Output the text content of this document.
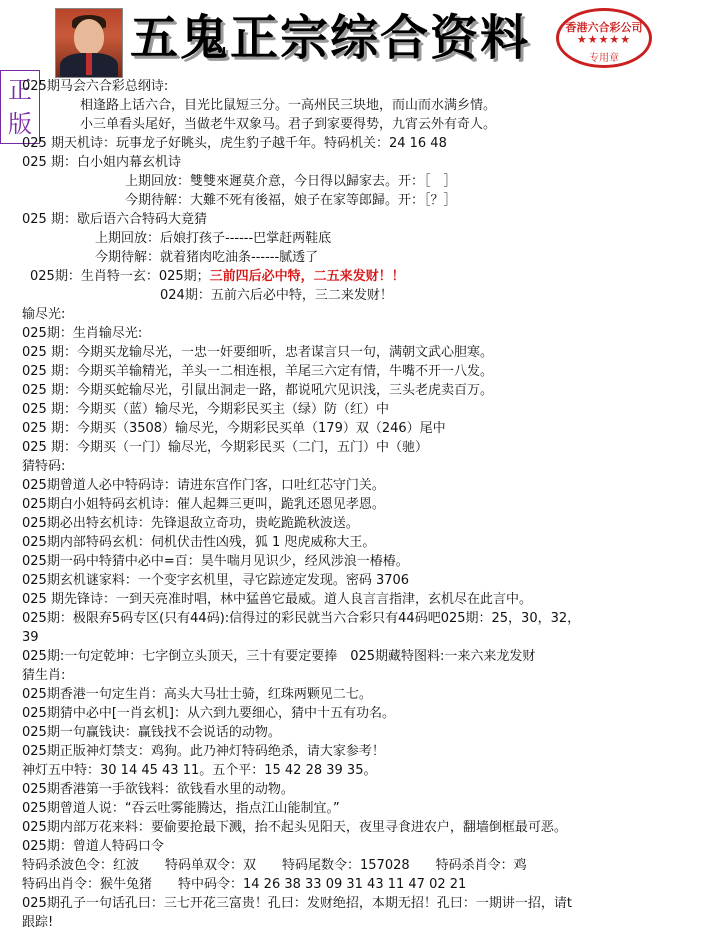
五鬼正宗综合资料	香港六合彩公司
★★★★★
专用章
正
版
025期马会六合彩总纲诗:
相逢路上话六合，目光比鼠短三分。一高州民三块地，而山而水满乡情。
小三单看头尾好，当做老牛双象马。君子到家要得势，九宵云外有奇人。
025 期天机诗：玩事龙子好眺头，虎生豹子越千年。特码机关：24 16 48
025 期：白小姐内幕玄机诗
上期回放：雙雙來遲莫介意，今日得以歸家去。开：［　］
今期待解：大難不死有後福，娘子在家等郎歸。开：［？］
025 期：歇后语六合特码大竟猜
上期回放：后娘打孩子------巴掌赶两鞋底
今期待解：就着猪肉吃油条------腻透了
025期：生肖特一玄：025期；三前四后必中特，二五来发财！！
024期：五前六后必中特，三二来发财！
输尽光:
025期：生肖输尽光:
025 期：今期买龙输尽光，一忠一奸要细听，忠者谋言只一句，满朝文武心胆寒。
025 期：今期买羊输精光，羊头一二相连根，羊尾三六定有情，牛嘴不开一八发。
025 期：今期买蛇输尽光，引鼠出洞走一路，都说吼穴见识浅，三头老虎卖百万。
025 期：今期买（蓝）输尽光，今期彩民买主（绿）防（红）中
025 期：今期买（3508）输尽光，今期彩民买单（179）双（246）尾中
025 期：今期买（一门）输尽光，今期彩民买（二门，五门）中（驰）
猜特码:
025期曾道人必中特码诗：请进东宫作门客，口吐红芯守门关。
025期白小姐特码玄机诗：催人起舞三更叫，跪乳还恩见孝恩。
025期必出特玄机诗：先锋退敌立奇功，贵屹跪跪秋波送。
025期内部特码玄机：伺机伏击性凶残，狐 1 咫虎威称大王。
025期一码中特猜中必中=百：昊牛喘月见识少，经风涉浪一椿椿。
025期玄机谜家料：一个变字玄机里，寻它踪迹定发现。密码 3706
025 期先锋诗：一到天亮准时唱，林中猛兽它最威。道人良言言指津，玄机尽在此言中。
025期：极限弃5码专区(只有44码):信得过的彩民就当六合彩只有44码吧025期：25，30，32，
39
025期:一句定乾坤：七字倒立头顶天，三十有要定要捧　025期藏特图料:一来六来龙发财
猜生肖:
025期香港一句定生肖：高头大马壮士骑，红珠两颗见二七。
025期猜中必中[一肖玄机]：从六到九要细心，猜中十五有功名。
025期一句赢钱诀：赢钱找不会说话的动物。
025期正版神灯禁支：鸡狗。此乃神灯特码绝杀，请大家参考！
神灯五中特：30 14 45 43 11。五个平：15 42 28 39 35。
025期香港第一手欲钱料：欲钱看水里的动物。
025期曾道人说：“吞云吐雾能腾达，指点江山能制宜。”
025期内部万花来料：要偷要抢最下溅，抬不起头见阳天，夜里寻食进农户，翻墙倒框最可恶。
025期：曾道人特码口令
特码杀波色令：红波　　特码单双令：双　　特码尾数令：157028　　特码杀肖令：鸡
特码出肖令：猴牛兔猪　　特中码令：14 26 38 33 09 31 43 11 47 02 21
025期孔子一句话孔曰：三七开花三富贵！孔曰：发财绝招，本期无招！孔曰：一期讲一招，请t
跟踪!
